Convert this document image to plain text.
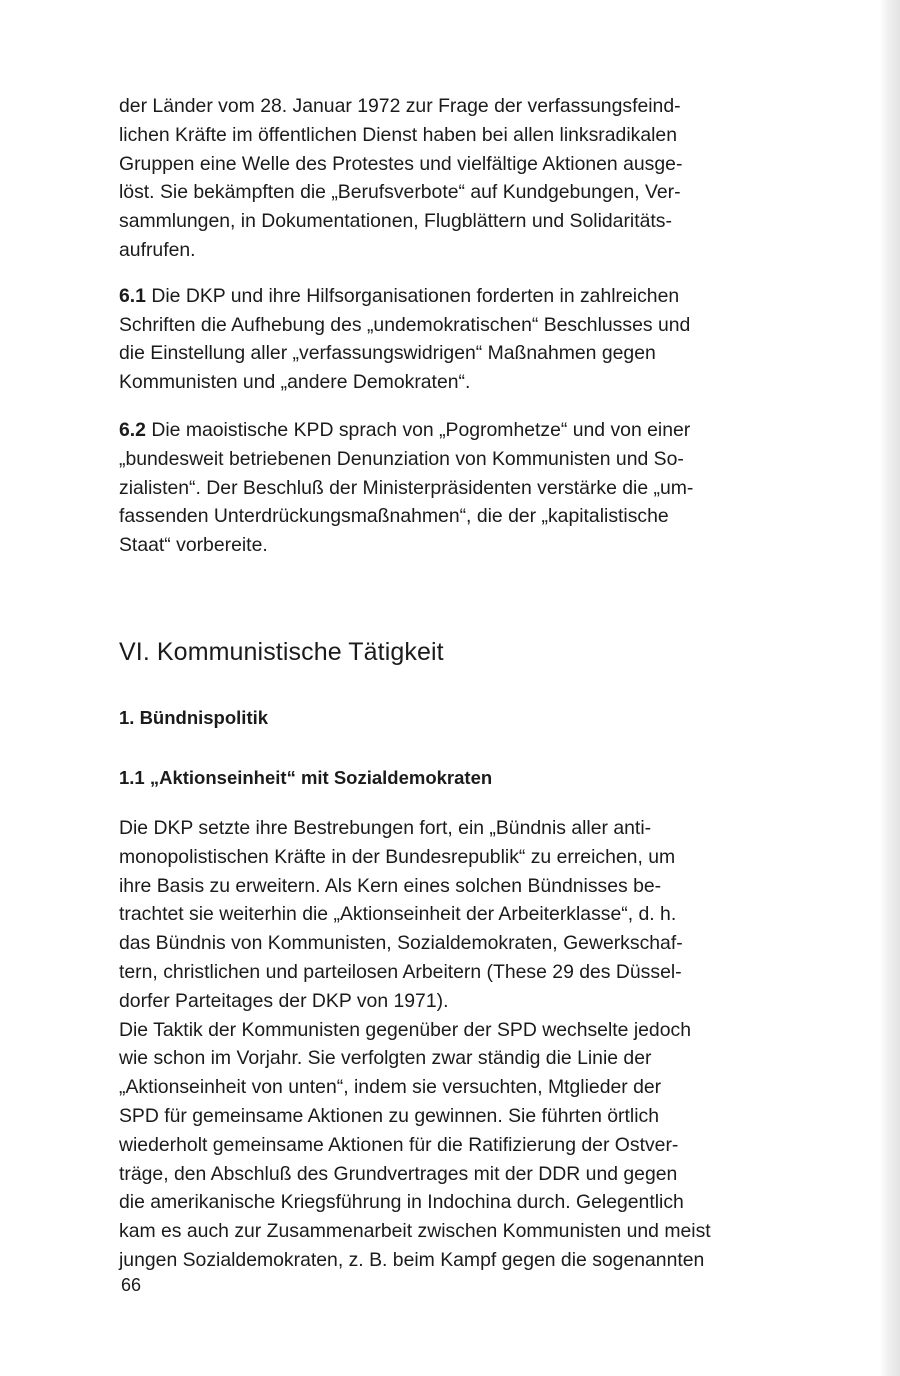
der Länder vom 28. Januar 1972 zur Frage der verfassungsfeind-
lichen Kräfte im öffentlichen Dienst haben bei allen linksradikalen
Gruppen eine Welle des Protestes und vielfältige Aktionen ausge-
löst. Sie bekämpften die „Berufsverbote“ auf Kundgebungen, Ver-
sammlungen, in Dokumentationen, Flugblättern und Solidaritäts-
aufrufen.

6.1 Die DKP und ihre Hilfsorganisationen forderten in zahlreichen
Schriften die Aufhebung des „undemokratischen“ Beschlusses und
die Einstellung aller „verfassungswidrigen“ Maßnahmen gegen
Kommunisten und „andere Demokraten“.

6.2 Die maoistische KPD sprach von „Pogromhetze“ und von einer
„bundesweit betriebenen Denunziation von Kommunisten und So-
zialisten“. Der Beschluß der Ministerpräsidenten verstärke die „um-
fassenden Unterdrückungsmaßnahmen“, die der „kapitalistische
Staat“ vorbereite.

VI. Kommunistische Tätigkeit
1. Bündnispolitik
1.1 „Aktionseinheit“ mit Sozialdemokraten

Die DKP setzte ihre Bestrebungen fort, ein „Bündnis aller anti-
monopolistischen Kräfte in der Bundesrepublik“ zu erreichen, um
ihre Basis zu erweitern. Als Kern eines solchen Bündnisses be-
trachtet sie weiterhin die „Aktionseinheit der Arbeiterklasse“, d. h.
das Bündnis von Kommunisten, Sozialdemokraten, Gewerkschaf-
tern, christlichen und parteilosen Arbeitern (These 29 des Düssel-
dorfer Parteitages der DKP von 1971).

Die Taktik der Kommunisten gegenüber der SPD wechselte jedoch
wie schon im Vorjahr. Sie verfolgten zwar ständig die Linie der
„Aktionseinheit von unten“, indem sie versuchten, Mtglieder der
SPD für gemeinsame Aktionen zu gewinnen. Sie führten örtlich
wiederholt gemeinsame Aktionen für die Ratifizierung der Ostver-
träge, den Abschluß des Grundvertrages mit der DDR und gegen
die amerikanische Kriegsführung in Indochina durch. Gelegentlich
kam es auch zur Zusammenarbeit zwischen Kommunisten und meist
jungen Sozialdemokraten, z. B. beim Kampf gegen die sogenannten

66
